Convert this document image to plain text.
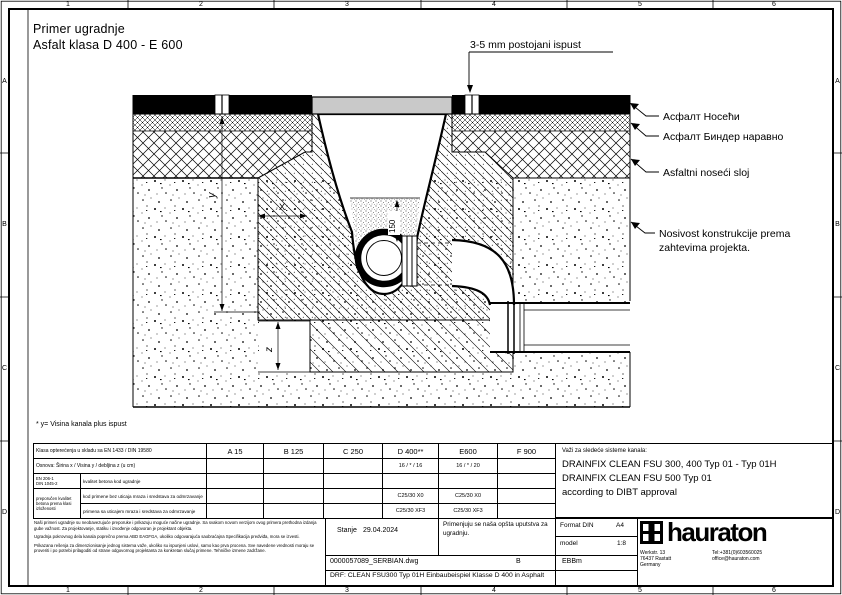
y
X
150
z
3-5 mm postojani ispust
Асфалт Носећи
Асфалт Биндер наравно
Asfaltni noseći sloj
Nosivost konstrukcije prema
zahtevima projekta.
1	2	3	4	5	6
1	2	3	4	5	6
A
B
C
D
A
B
C
D
Primer ugradnje
Asfalt klasa D 400 - E 600
* y= Visina kanala plus ispust
Klasa opterećenja u skladu sa EN 1433 / DIN 19580		A 15	B 125	C 250	D 400**	E600	F 900
Osnova: Širina x / Visina y / debljina z (u cm)					16 / * / 16	16 / * / 20	

EN 206-1
DIN 1045-2	kvalitet betona kod ugradnje						
preporučen kvalitet betona prema klasi izloženosti	kod primene bez uticaja mraza i sredstava za odmrzavanje				C25/30 X0	C25/30 X0	
	primena sa uticajem mraza i sredstava za odmrzavanje				C25/30 XF3	C25/30 XF3	
Važi za sledeće sisteme kanala:
DRAINFIX CLEAN FSU 300, 400 Typ 01 - Typ 01H
DRAINFIX CLEAN FSU 500 Typ 01
according to DIBT approval

Naši primeri ugradnje su neobavezujuće preporuke i prikazuju moguće načine ugradnje. Sa svakom novom verzijom ovog primera prethodna izdanja gube važnost. Za projektovanje, statiku i izvođenje odgovoran je projektant objekta.

Ugradnja pokrovnog dela kanala poprečno prema ABD EAGFGA, ukoliko odgovarajuća saobraćajna Specifikacija predviđa, mora se izvesti.

Prikazana rešenja za dimenzionisanje jednog sistema važe, ukoliko su ispunjeni uslovi, samo kao prva procena. Sve navedene vrednosti moraju se proveriti i po potrebi prilagoditi od strane odgovornog projektanta za konkretan slučaj primene. Tehničke izmene zadržane.

Stanje 29.04.2024
Primenjuju se naša opšta uputstva za ugradnju.
Format DIN	A4
model	1:8
EBBm
0000057089_SERBIAN.dwg	B
DRF: CLEAN FSU300 Typ 01H Einbaubeispiel Klasse D 400 in Asphalt
hauraton
Werkstr. 13
76437 Rastatt
Germany
Tel:+381(0)603560025
office@hauraton.com
